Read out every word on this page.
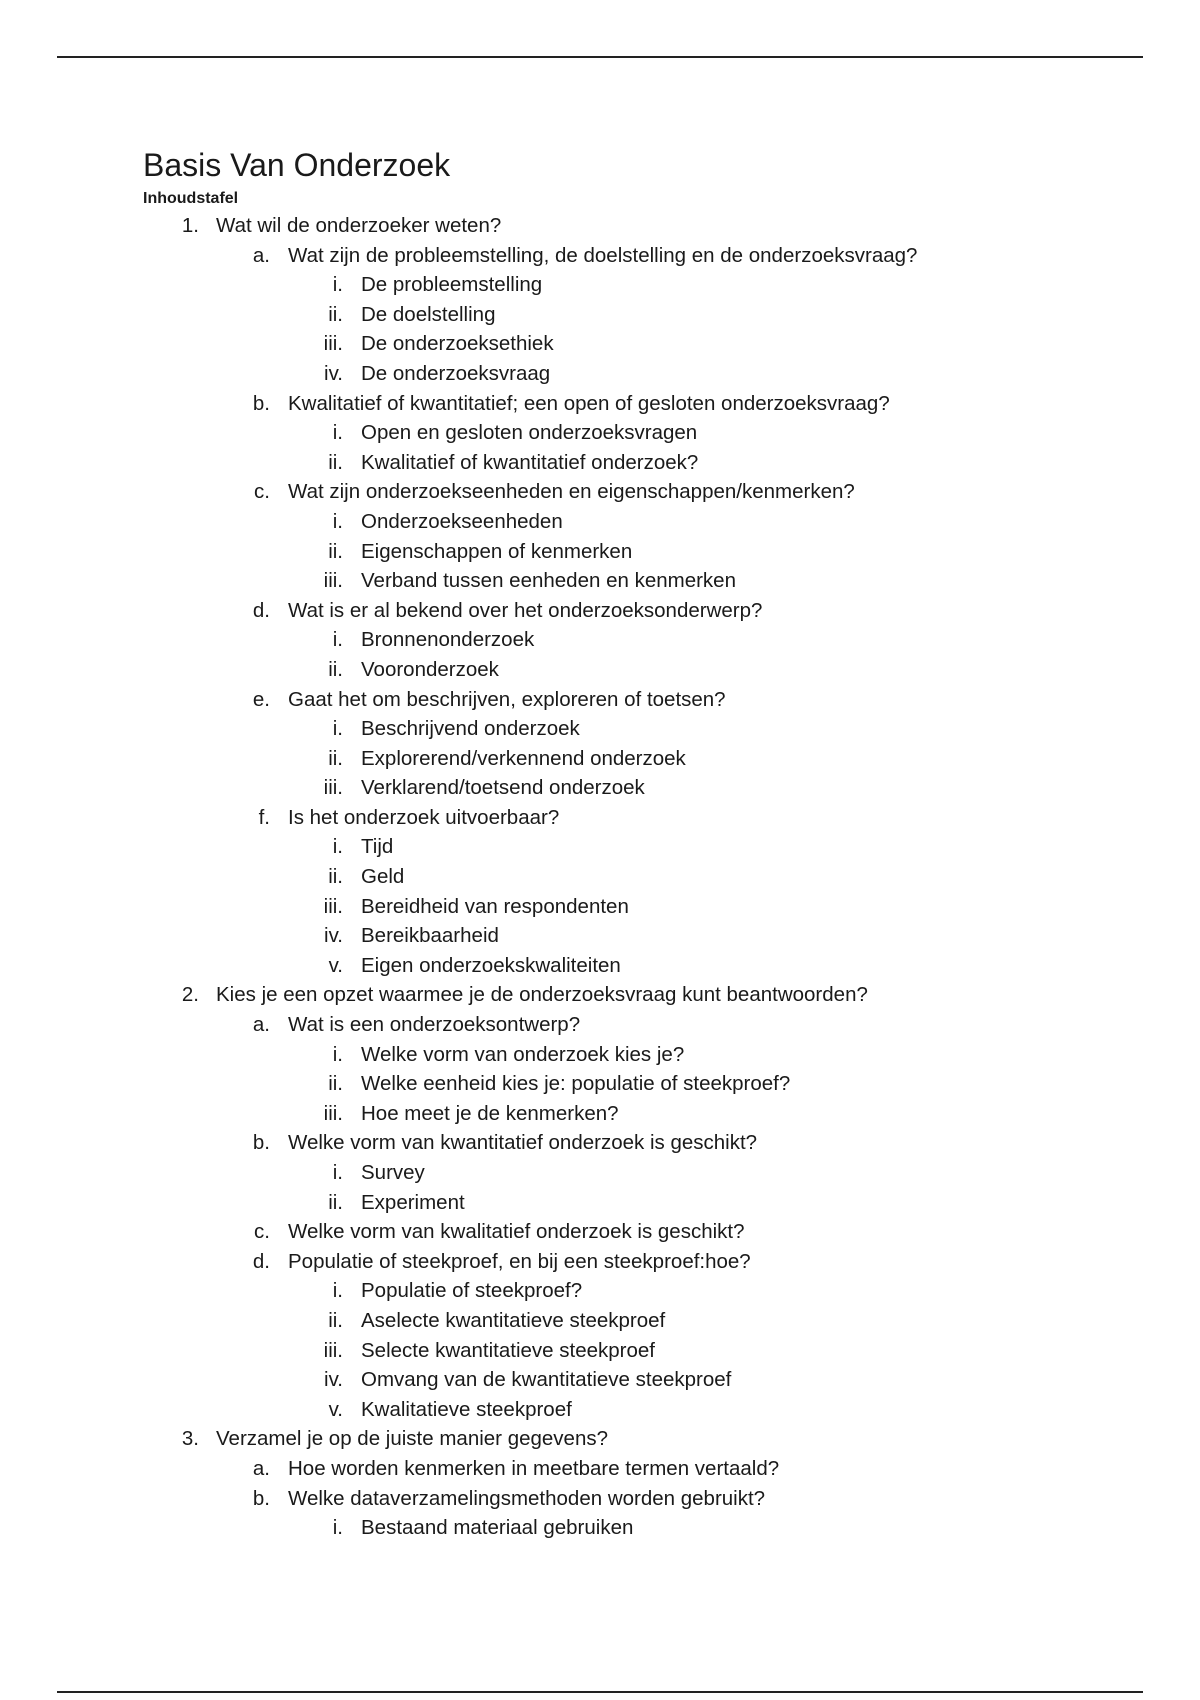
Basis Van Onderzoek
Inhoudstafel
1. Wat wil de onderzoeker weten?
a. Wat zijn de probleemstelling, de doelstelling en de onderzoeksvraag?
i. De probleemstelling
ii. De doelstelling
iii. De onderzoeksethiek
iv. De onderzoeksvraag
b. Kwalitatief of kwantitatief; een open of gesloten onderzoeksvraag?
i. Open en gesloten onderzoeksvragen
ii. Kwalitatief of kwantitatief onderzoek?
c. Wat zijn onderzoekseenheden en eigenschappen/kenmerken?
i. Onderzoekseenheden
ii. Eigenschappen of kenmerken
iii. Verband tussen eenheden en kenmerken
d. Wat is er al bekend over het onderzoeksonderwerp?
i. Bronnenonderzoek
ii. Vooronderzoek
e. Gaat het om beschrijven, exploreren of toetsen?
i. Beschrijvend onderzoek
ii. Explorerend/verkennend onderzoek
iii. Verklarend/toetsend onderzoek
f. Is het onderzoek uitvoerbaar?
i. Tijd
ii. Geld
iii. Bereidheid van respondenten
iv. Bereikbaarheid
v. Eigen onderzoekskwaliteiten
2. Kies je een opzet waarmee je de onderzoeksvraag kunt beantwoorden?
a. Wat is een onderzoeksontwerp?
i. Welke vorm van onderzoek kies je?
ii. Welke eenheid kies je: populatie of steekproef?
iii. Hoe meet je de kenmerken?
b. Welke vorm van kwantitatief onderzoek is geschikt?
i. Survey
ii. Experiment
c. Welke vorm van kwalitatief onderzoek is geschikt?
d. Populatie of steekproef, en bij een steekproef:hoe?
i. Populatie of steekproef?
ii. Aselecte kwantitatieve steekproef
iii. Selecte kwantitatieve steekproef
iv. Omvang van de kwantitatieve steekproef
v. Kwalitatieve steekproef
3. Verzamel je op de juiste manier gegevens?
a. Hoe worden kenmerken in meetbare termen vertaald?
b. Welke dataverzamelingsmethoden worden gebruikt?
i. Bestaand materiaal gebruiken
